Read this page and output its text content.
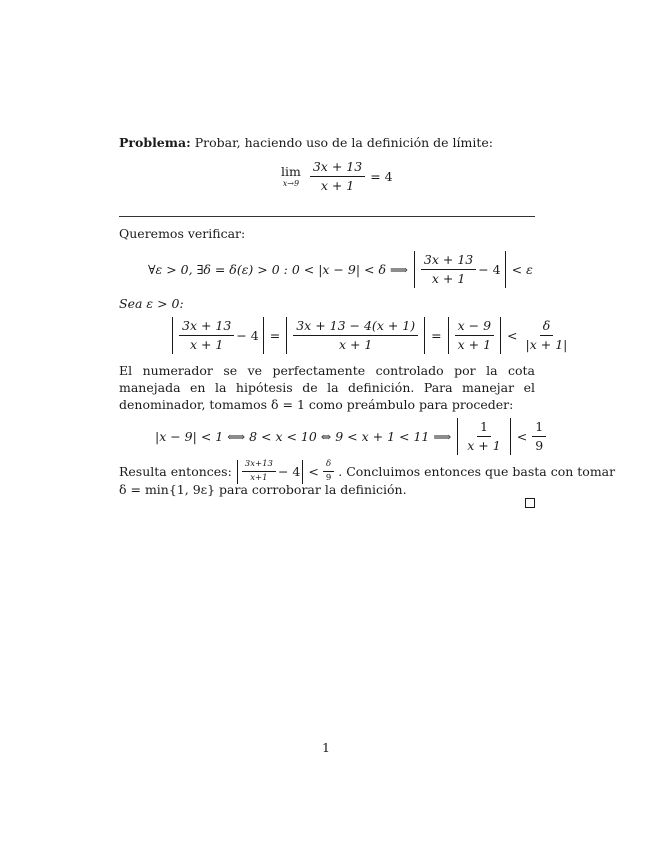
Problema: Probar, haciendo uso de la definición de límite:
lim
$x\to 9 \frac{3x + 13}{x + 1} = 4$
Queremos verificar:
∀ε > 0, ∃δ = δ(ε) > 0 : 0 < |x − 9| < δ ⟹ $\frac{3x + 13}{x + 1} - 4 < \varepsilon$
Sea ε > 0:
$\frac{3x + 13}{x + 1} - 4 = \frac{3x + 13 - 4(x + 1)}{x + 1} = \frac{x - 9}{x + 1} < \frac{\delta}{|x + 1|}$
El numerador se ve perfectamente controlado por la cota manejada en la hipótesis de la definición. Para manejar el denominador, tomamos δ = 1 como preámbulo para proceder:
|x − 9| < 1 ⟺ 8 < x < 10 ⇔ 9 < x + 1 < 11 ⟹ $\frac{1}{x + 1} < \frac{1}{9}$
Resulta entonces: $\frac{3x+13}{x+1} - 4 < \frac{\delta}{9}$ . Concluimos entonces que basta con tomar
δ = min{1, 9ε} para corroborar la definición.
1
